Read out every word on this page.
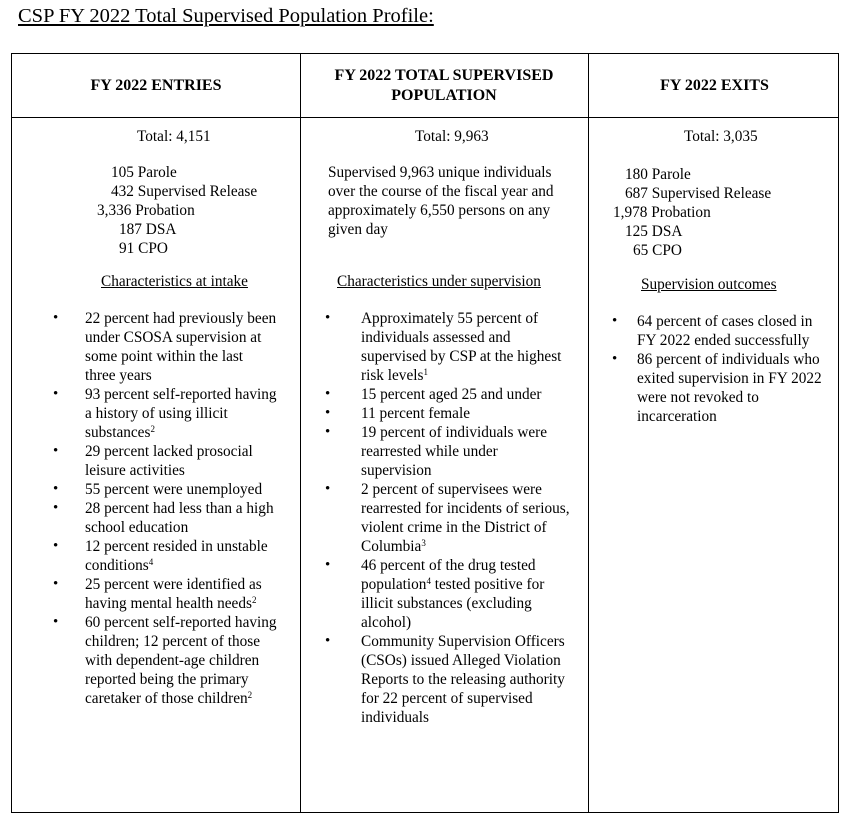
CSP FY 2022 Total Supervised Population Profile:
FY 2022 ENTRIES
FY 2022 TOTAL SUPERVISED POPULATION
FY 2022 EXITS
Total: 4,151
105 Parole
432 Supervised Release
3,336 Probation
187 DSA
91 CPO
Characteristics at intake
• 22 percent had previously been under CSOSA supervision at some point within the last three years
• 93 percent self-reported having a history of using illicit substances$^2$
• 29 percent lacked prosocial leisure activities
• 55 percent were unemployed
• 28 percent had less than a high school education
• 12 percent resided in unstable conditions$^4$
• 25 percent were identified as having mental health needs$^2$
• 60 percent self-reported having children; 12 percent of those with dependent-age children reported being the primary caretaker of those children$^2$
Total: 9,963
Supervised 9,963 unique individuals over the course of the fiscal year and approximately 6,550 persons on any given day
Characteristics under supervision
• Approximately 55 percent of individuals assessed and supervised by CSP at the highest risk levels$^1$
• 15 percent aged 25 and under
• 11 percent female
• 19 percent of individuals were rearrested while under supervision
• 2 percent of supervisees were rearrested for incidents of serious, violent crime in the District of Columbia$^3$
• 46 percent of the drug tested population$^4$ tested positive for illicit substances (excluding alcohol)
• Community Supervision Officers (CSOs) issued Alleged Violation Reports to the releasing authority for 22 percent of supervised individuals
Total: 3,035
180 Parole
687 Supervised Release
1,978 Probation
125 DSA
65 CPO
Supervision outcomes
• 64 percent of cases closed in FY 2022 ended successfully
• 86 percent of individuals who exited supervision in FY 2022 were not revoked to incarceration
